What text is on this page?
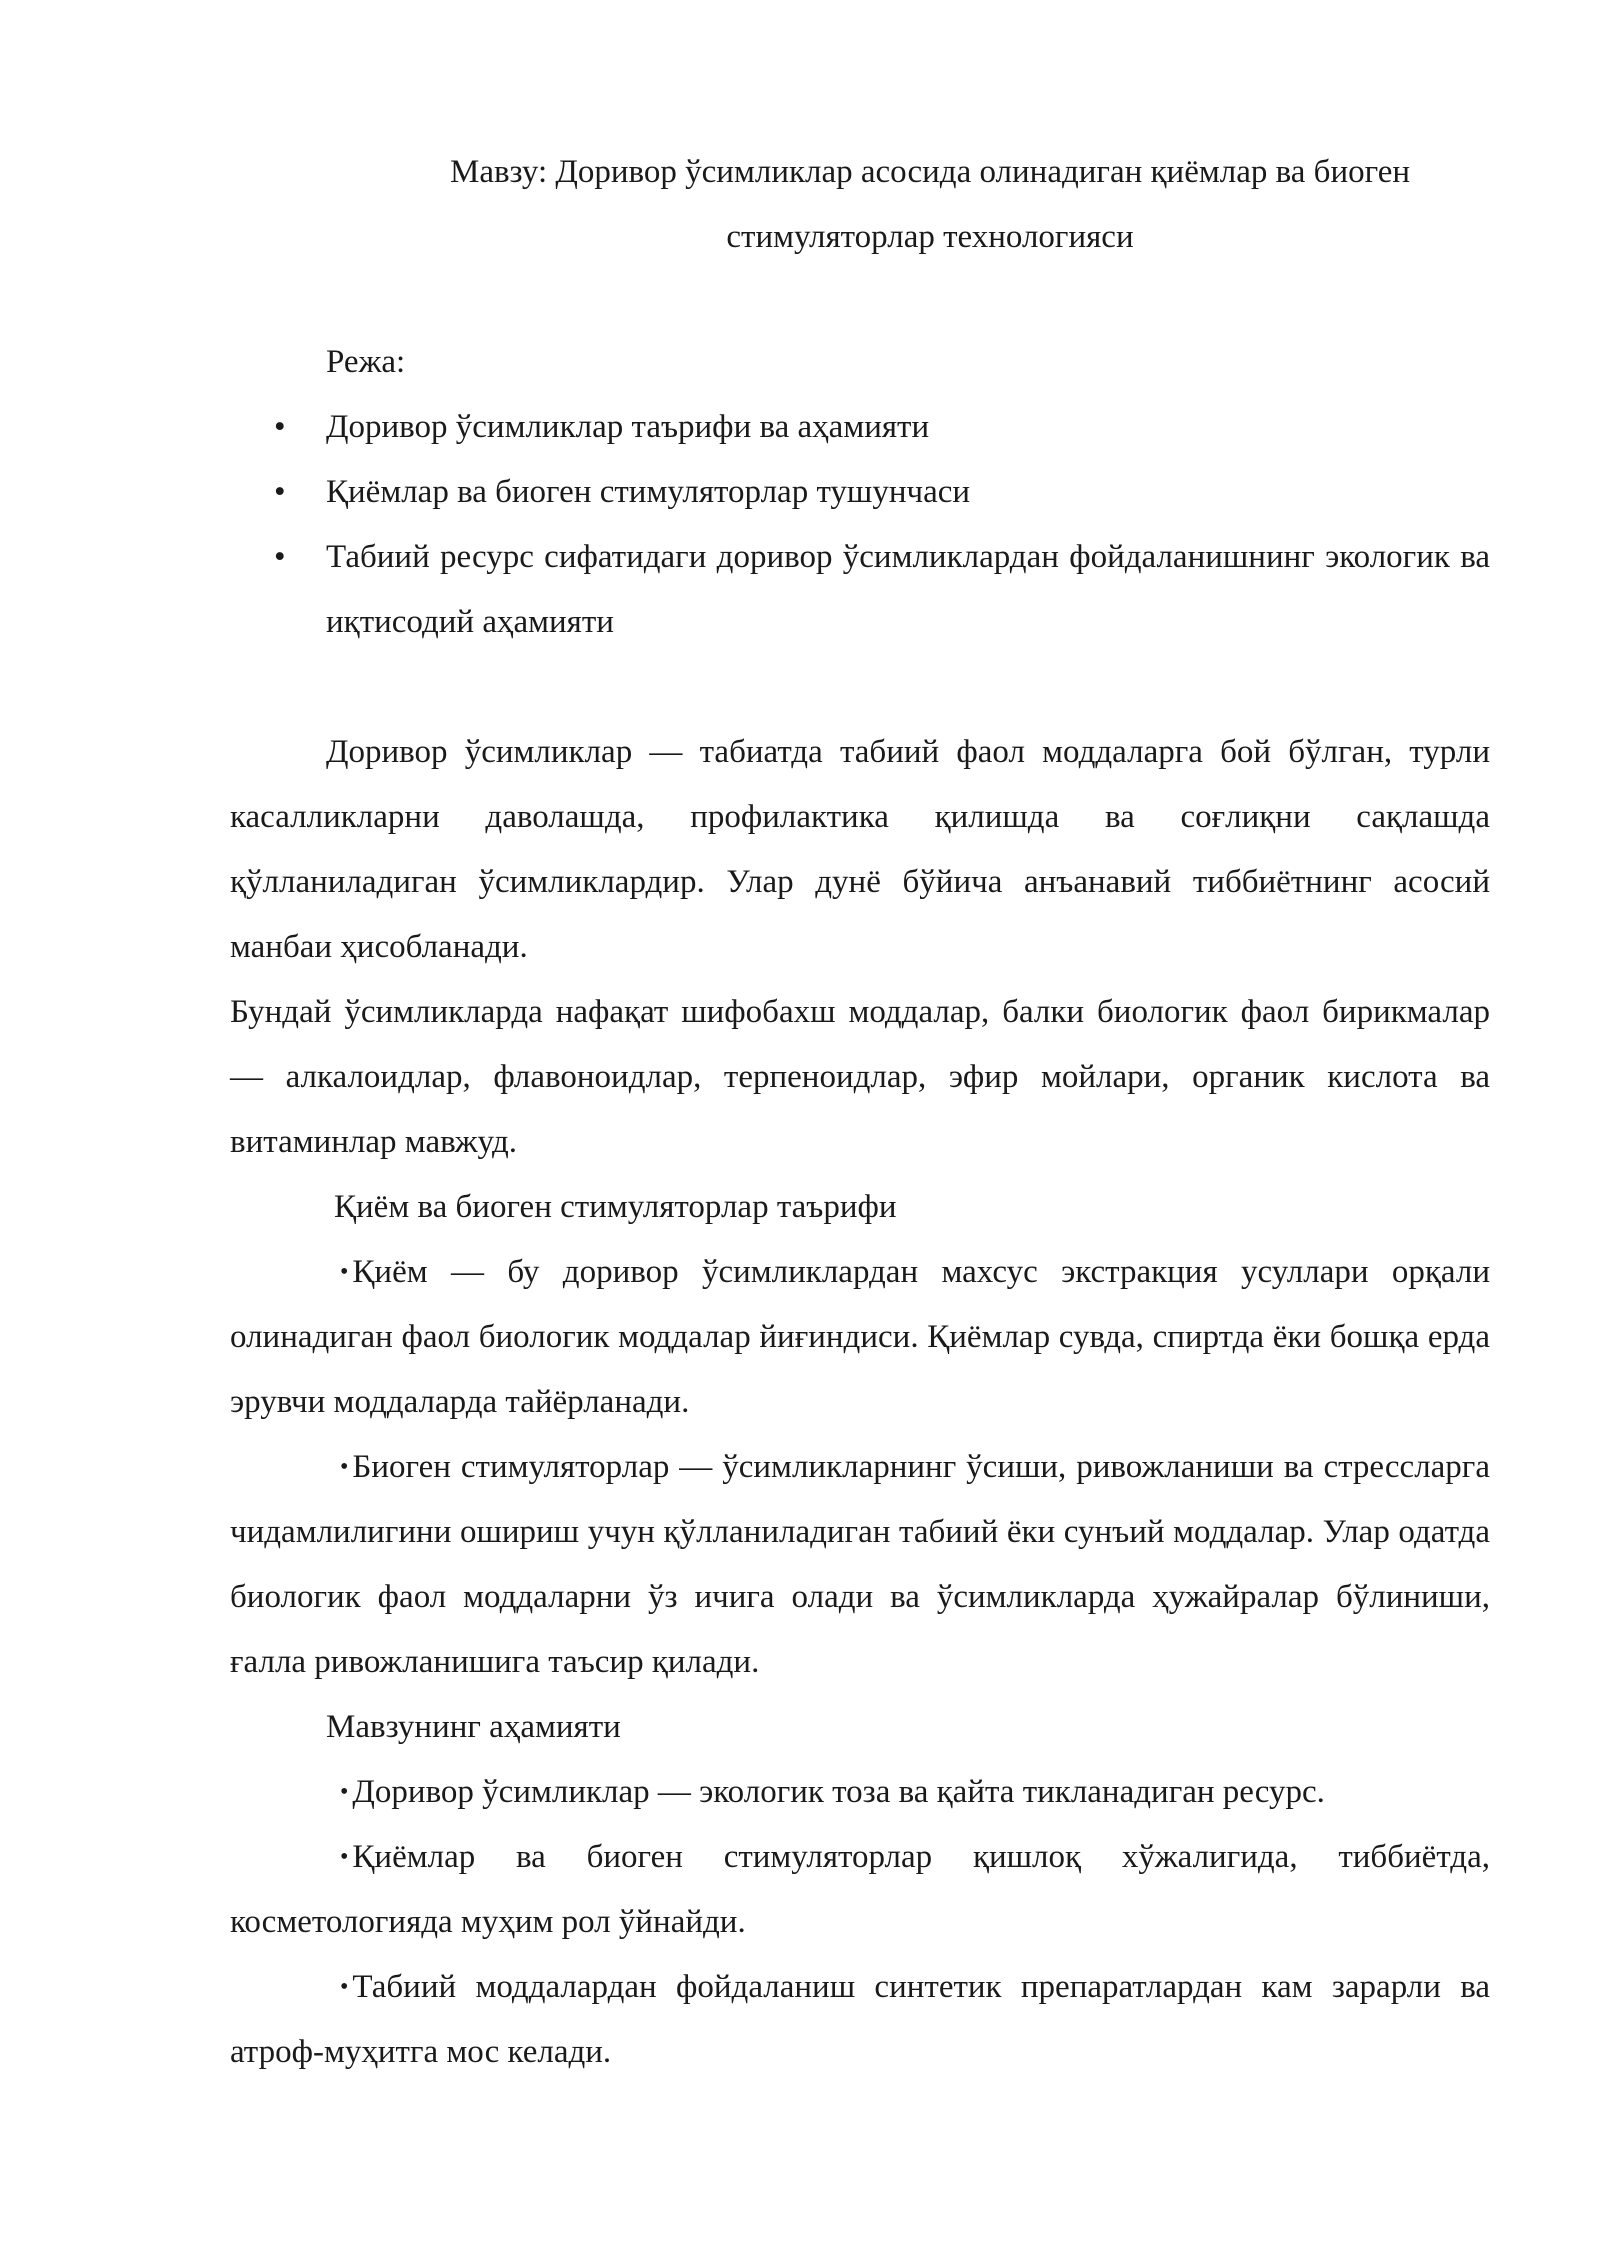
Мавзу: Доривор ўсимликлар асосида олинадиган қиёмлар ва биоген
стимуляторлар технологияси
Режа:
• Доривор ўсимликлар таърифи ва аҳамияти
• Қиёмлар ва биоген стимуляторлар тушунчаси
• Табиий ресурс сифатидаги доривор ўсимликлардан фойдаланишнинг экологик ва иқтисодий аҳамияти

Доривор ўсимликлар — табиатда табиий фаол моддаларга бой бўлган, турли касалликларни даволашда, профилактика қилишда ва соғлиқни сақлашда қўлланиладиган ўсимликлардир. Улар дунё бўйича анъанавий тиббиётнинг асосий манбаи ҳисобланади.

Бундай ўсимликларда нафақат шифобахш моддалар, балки биологик фаол бирикмалар — алкалоидлар, флавоноидлар, терпеноидлар, эфир мойлари, органик кислота ва витаминлар мавжуд.

Қиём ва биоген стимуляторлар таърифи

• Қиём — бу доривор ўсимликлардан махсус экстракция усуллари орқали олинадиган фаол биологик моддалар йиғиндиси. Қиёмлар сувда, спиртда ёки бошқа ерда эрувчи моддаларда тайёрланади.

• Биоген стимуляторлар — ўсимликларнинг ўсиши, ривожланиши ва стрессларга чидамлилигини ошириш учун қўлланиладиган табиий ёки сунъий моддалар. Улар одатда биологик фаол моддаларни ўз ичига олади ва ўсимликларда ҳужайралар бўлиниши, ғалла ривожланишига таъсир қилади.

Мавзунинг аҳамияти

• Доривор ўсимликлар — экологик тоза ва қайта тикланадиган ресурс.

• Қиёмлар ва биоген стимуляторлар қишлоқ хўжалигида, тиббиётда, косметологияда муҳим рол ўйнайди.

• Табиий моддалардан фойдаланиш синтетик препаратлардан кам зарарли ва атроф-муҳитга мос келади.
